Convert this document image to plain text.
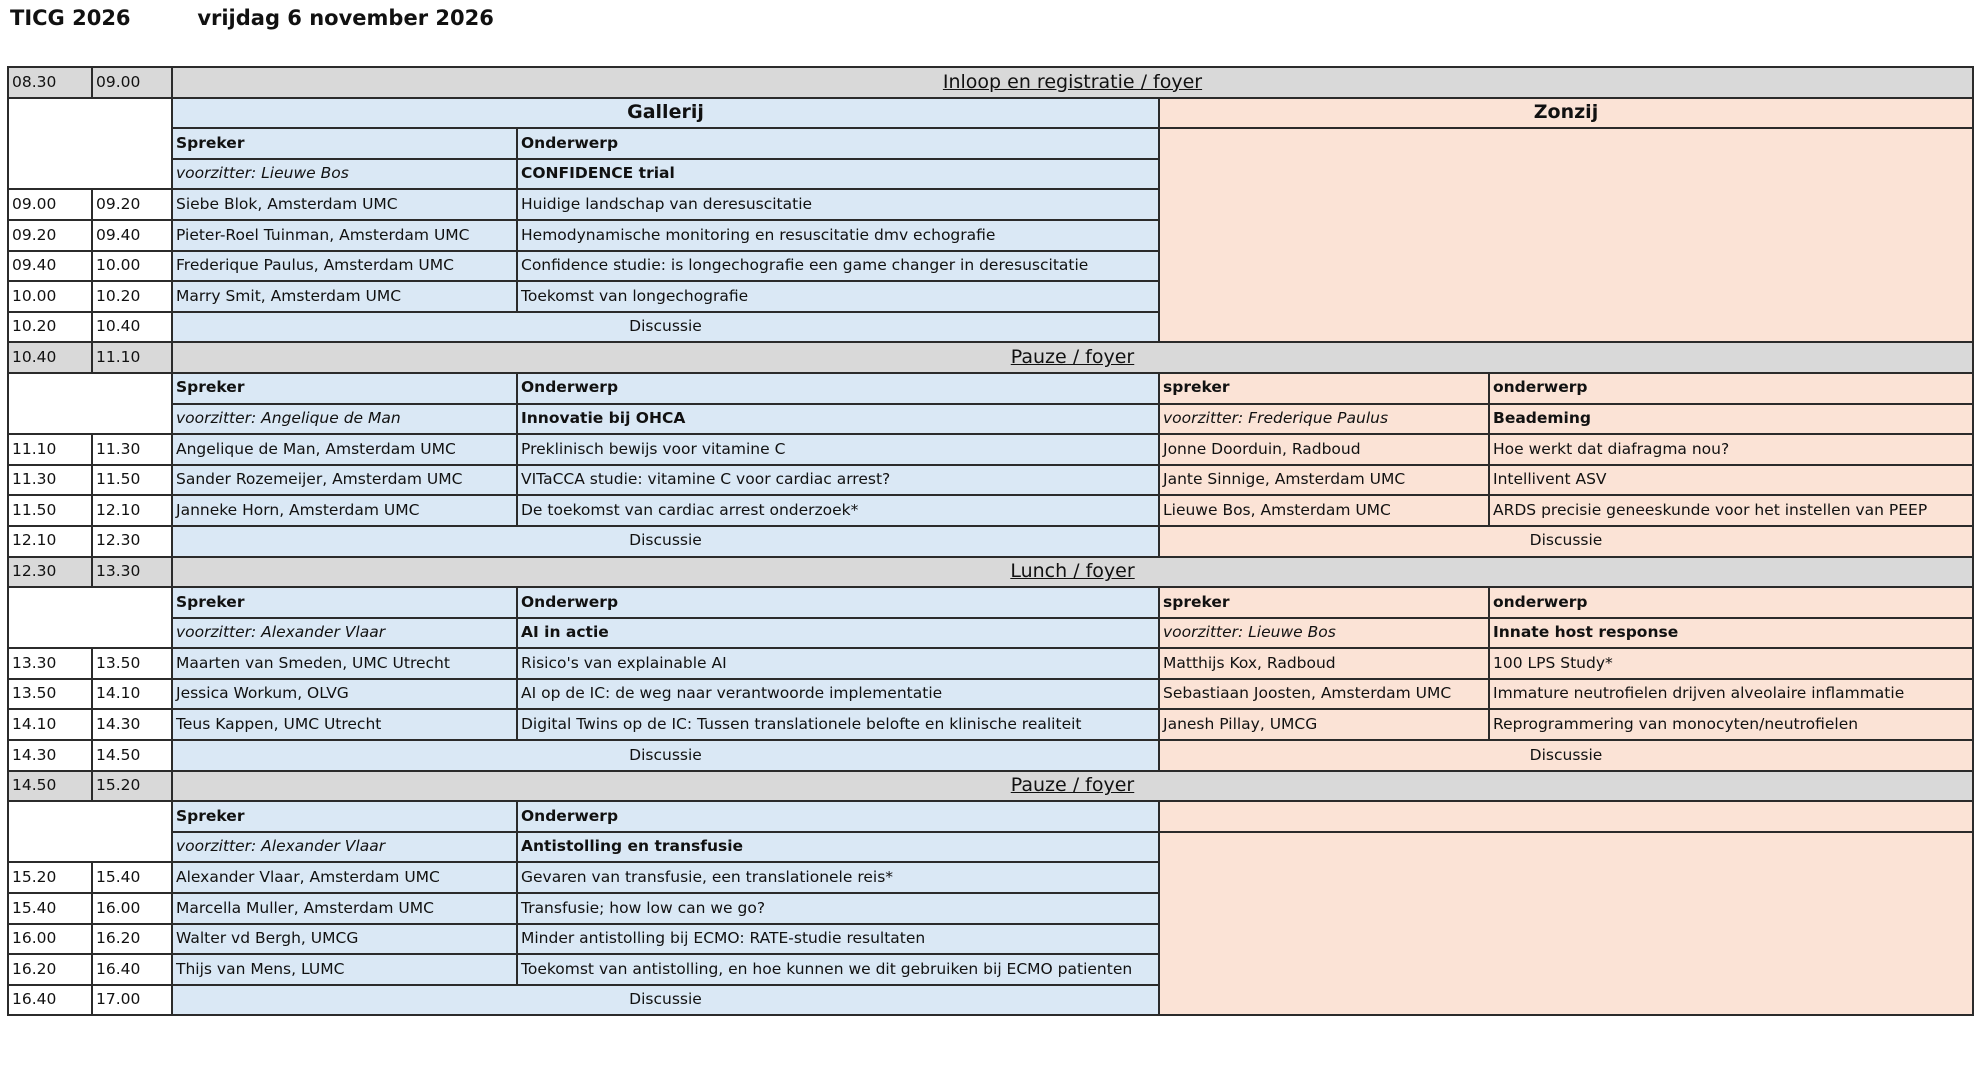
TICG 2026	vrijdag 6 november 2026
08.30	09.00	Inloop en registratie / foyer			
		Gallerij		Zonzij	
		Spreker	Onderwerp		
		voorzitter: Lieuwe Bos	CONFIDENCE trial		
09.00	09.20	Siebe Blok, Amsterdam UMC	Huidige landschap van deresuscitatie		
09.20	09.40	Pieter-Roel Tuinman, Amsterdam UMC	Hemodynamische monitoring en resuscitatie dmv echografie		
09.40	10.00	Frederique Paulus, Amsterdam UMC	Confidence studie: is longechografie een game changer in deresuscitatie		
10.00	10.20	Marry Smit, Amsterdam UMC	Toekomst van longechografie		
10.20	10.40	Discussie			
10.40	11.10	Pauze / foyer			
		Spreker	Onderwerp	spreker	onderwerp
		voorzitter: Angelique de Man	Innovatie bij OHCA	voorzitter: Frederique Paulus	Beademing
11.10	11.30	Angelique de Man, Amsterdam UMC	Preklinisch bewijs voor vitamine C	Jonne Doorduin, Radboud	Hoe werkt dat diafragma nou?
11.30	11.50	Sander Rozemeijer, Amsterdam UMC	VITaCCA studie: vitamine C voor cardiac arrest?	Jante Sinnige, Amsterdam UMC	Intellivent ASV
11.50	12.10	Janneke Horn, Amsterdam UMC	De toekomst van cardiac arrest onderzoek*	Lieuwe Bos, Amsterdam UMC	ARDS precisie geneeskunde voor het instellen van PEEP
12.10	12.30	Discussie		Discussie	
12.30	13.30	Lunch / foyer			
		Spreker	Onderwerp	spreker	onderwerp
		voorzitter: Alexander Vlaar	AI in actie	voorzitter: Lieuwe Bos	Innate host response
13.30	13.50	Maarten van Smeden, UMC Utrecht	Risico's van explainable AI	Matthijs Kox, Radboud	100 LPS Study*
13.50	14.10	Jessica Workum, OLVG	AI op de IC: de weg naar verantwoorde implementatie	Sebastiaan Joosten, Amsterdam UMC	Immature neutrofielen drijven alveolaire inflammatie
14.10	14.30	Teus Kappen, UMC Utrecht	Digital Twins op de IC: Tussen translationele belofte en klinische realiteit	Janesh Pillay, UMCG	Reprogrammering van monocyten/neutrofielen
14.30	14.50	Discussie		Discussie	
14.50	15.20	Pauze / foyer			
		Spreker	Onderwerp		
		voorzitter: Alexander Vlaar	Antistolling en transfusie		
15.20	15.40	Alexander Vlaar, Amsterdam UMC	Gevaren van transfusie, een translationele reis*		
15.40	16.00	Marcella Muller, Amsterdam UMC	Transfusie; how low can we go?		
16.00	16.20	Walter vd Bergh, UMCG	Minder antistolling bij ECMO: RATE-studie resultaten		
16.20	16.40	Thijs van Mens, LUMC	Toekomst van antistolling, en hoe kunnen we dit gebruiken bij ECMO patienten		
16.40	17.00	Discussie			
